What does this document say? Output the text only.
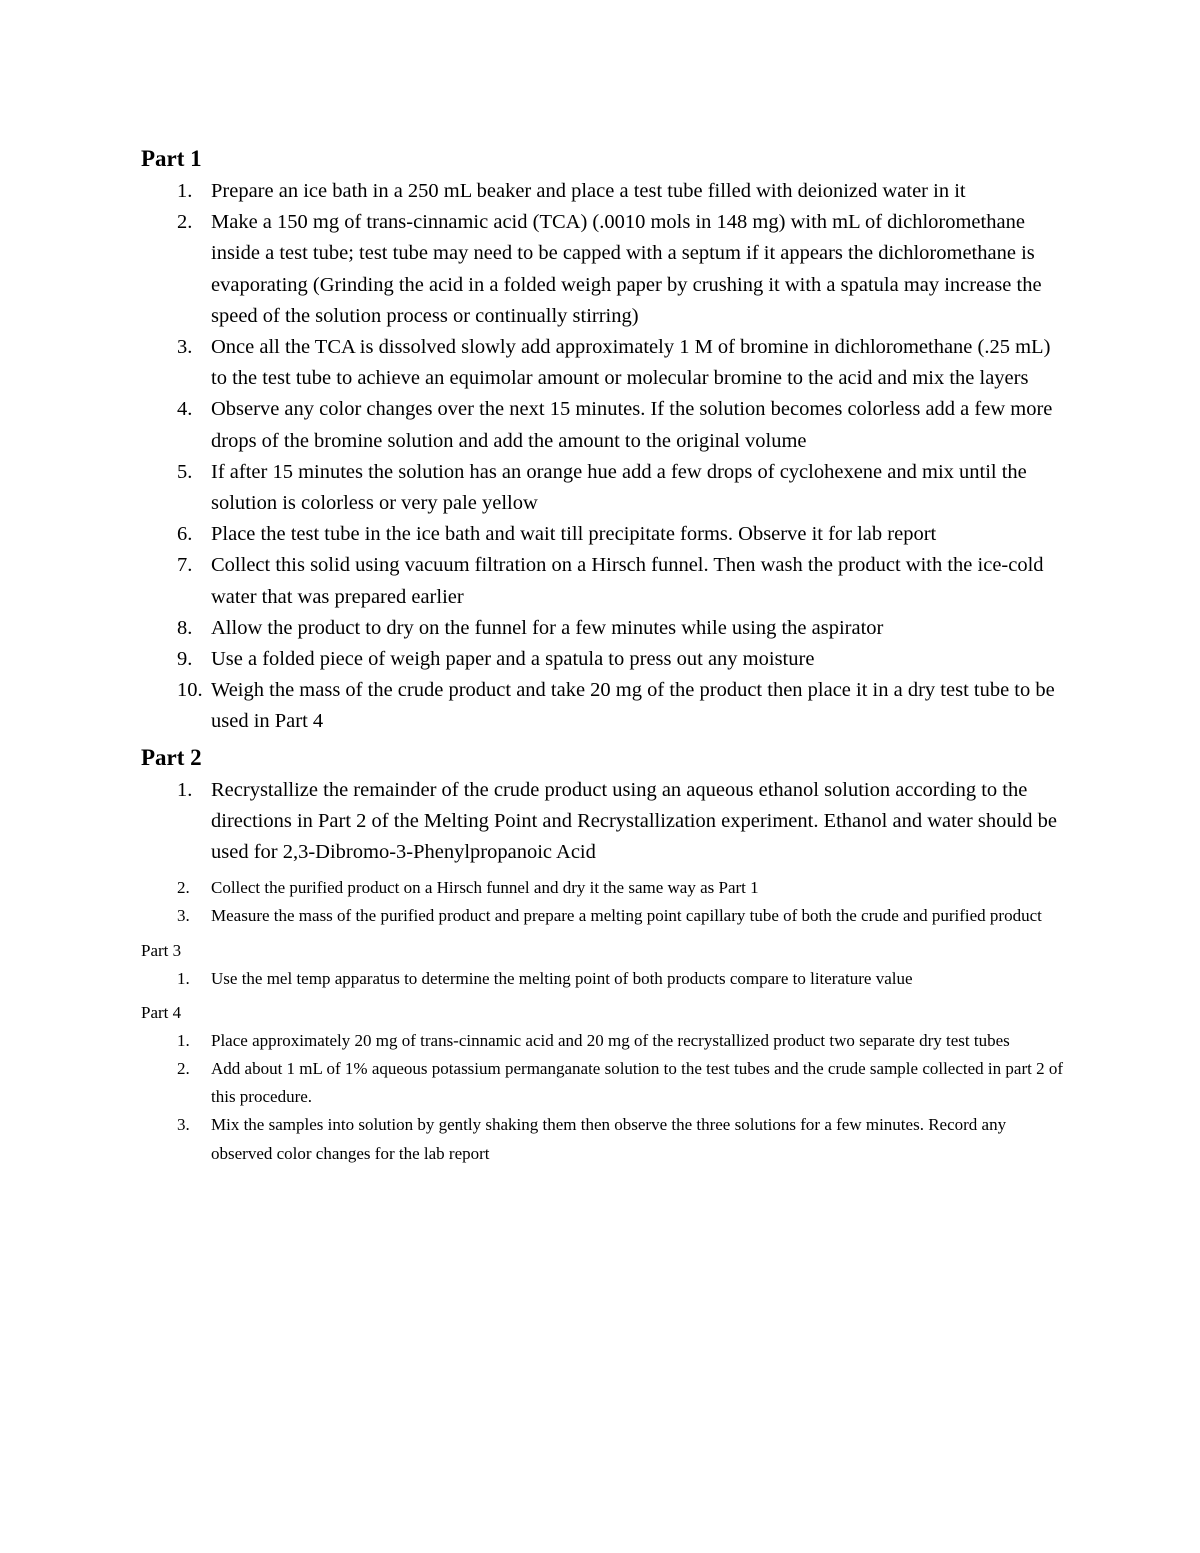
Part 1
1. Prepare an ice bath in a 250 mL beaker and place a test tube filled with deionized water in it
2. Make a 150 mg of trans-cinnamic acid (TCA) (.0010 mols in 148 mg) with mL of dichloromethane inside a test tube; test tube may need to be capped with a septum if it appears the dichloromethane is evaporating (Grinding the acid in a folded weigh paper by crushing it with a spatula may increase the speed of the solution process or continually stirring)
3. Once all the TCA is dissolved slowly add approximately 1 M of bromine in dichloromethane (.25 mL) to the test tube to achieve an equimolar amount or molecular bromine to the acid and mix the layers
4. Observe any color changes over the next 15 minutes. If the solution becomes colorless add a few more drops of the bromine solution and add the amount to the original volume
5. If after 15 minutes the solution has an orange hue add a few drops of cyclohexene and mix until the solution is colorless or very pale yellow
6. Place the test tube in the ice bath and wait till precipitate forms. Observe it for lab report
7. Collect this solid using vacuum filtration on a Hirsch funnel. Then wash the product with the ice-cold water that was prepared earlier
8. Allow the product to dry on the funnel for a few minutes while using the aspirator
9. Use a folded piece of weigh paper and a spatula to press out any moisture
10. Weigh the mass of the crude product and take 20 mg of the product then place it in a dry test tube to be used in Part 4
Part 2
1. Recrystallize the remainder of the crude product using an aqueous ethanol solution according to the directions in Part 2 of the Melting Point and Recrystallization experiment. Ethanol and water should be used for 2,3-Dibromo-3-Phenylpropanoic Acid
2.	Collect the purified product on a Hirsch funnel and dry it the same way as Part 1
3.	Measure the mass of the purified product and prepare a melting point capillary tube of both the crude and purified product
Part 3
1.	Use the mel temp apparatus to determine the melting point of both products compare to literature value
Part 4
1.	Place approximately 20 mg of trans-cinnamic acid and 20 mg of the recrystallized product two separate dry test tubes
2.	Add about 1 mL of 1% aqueous potassium permanganate solution to the test tubes and the crude sample collected in part 2 of this procedure.
3.	Mix the samples into solution by gently shaking them then observe the three solutions for a few minutes. Record any observed color changes for the lab report
